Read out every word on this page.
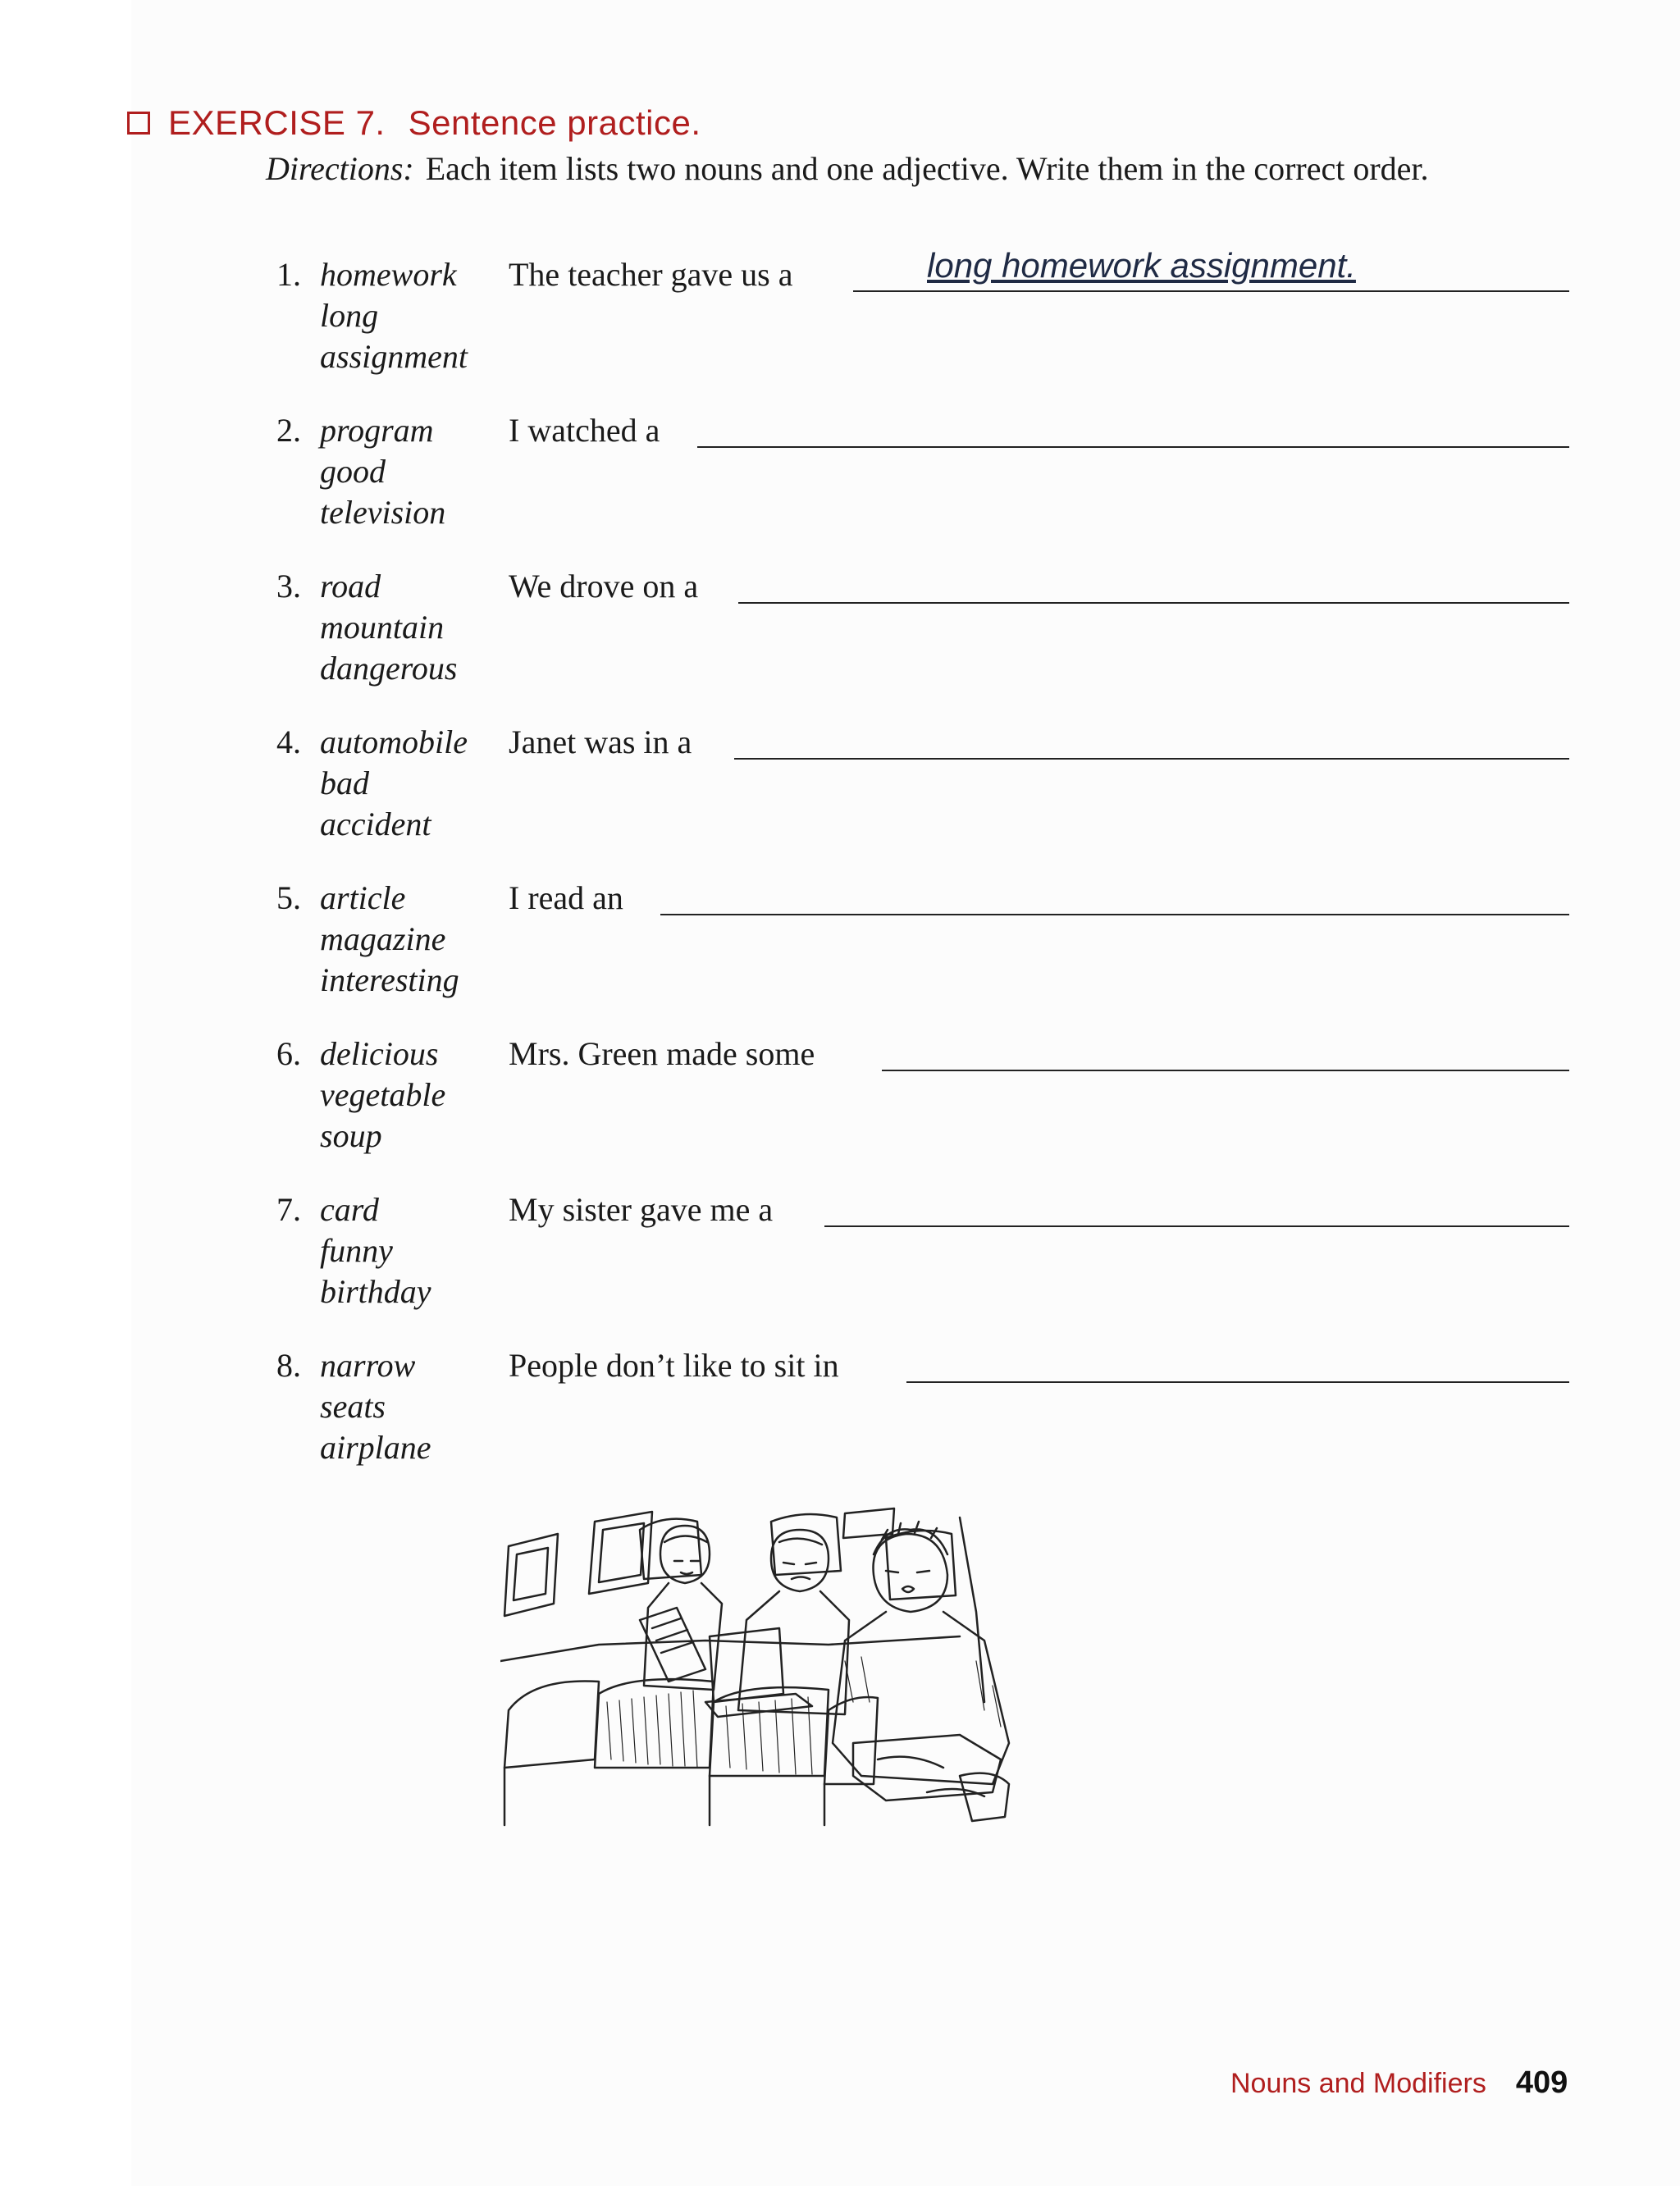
EXERCISE 7. Sentence practice.
Directions: Each item lists two nouns and one adjective. Write them in the correct order.
1. homework
long
assignment
The teacher gave us a	long homework assignment.
2. program
good
television
I watched a
3. road
mountain
dangerous
We drove on a
4. automobile
bad
accident
Janet was in a
5. article
magazine
interesting
I read an
6. delicious
vegetable
soup
Mrs. Green made some
7. card
funny
birthday
My sister gave me a
8. narrow
seats
airplane
People don’t like to sit in
Nouns and Modifiers 409
